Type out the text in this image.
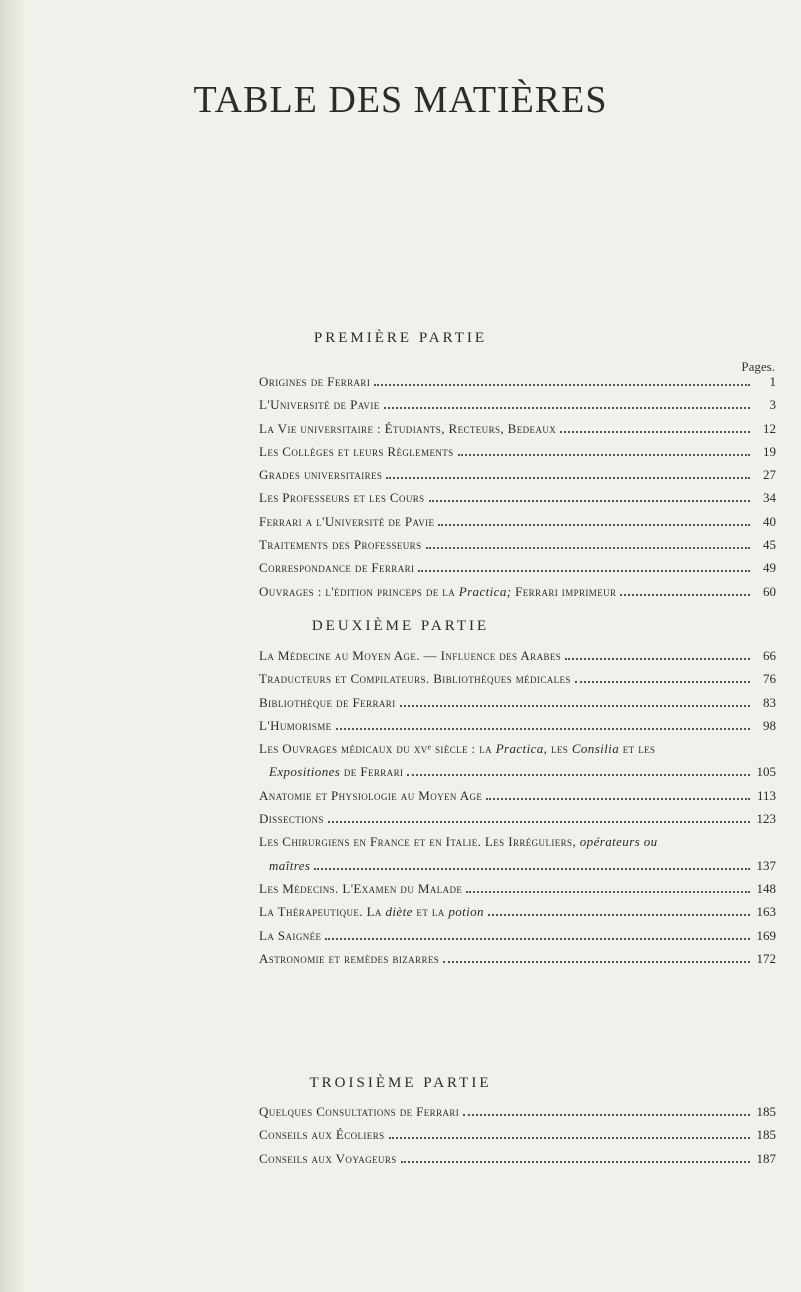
TABLE DES MATIÈRES
PREMIÈRE PARTIE
Pages.
Origines de Ferrari	1
L'Université de Pavie	3
La Vie universitaire : Étudiants, Recteurs, Bedeaux	12
Les Collèges et leurs Règlements	19
Grades universitaires	27
Les Professeurs et les Cours	34
Ferrari a l'Université de Pavie	40
Traitements des Professeurs	45
Correspondance de Ferrari	49
Ouvrages : l'édition princeps de la Practica; Ferrari imprimeur	60
DEUXIÈME PARTIE
La Médecine au Moyen Age. — Influence des Arabes	66
Traducteurs et Compilateurs. Bibliothèques médicales	76
Bibliothèque de Ferrari	83
L'Humorisme	98
Les Ouvrages médicaux du xvᵉ siècle : la Practica, les Consilia et les
Expositiones de Ferrari	105
Anatomie et Physiologie au Moyen Age	113
Dissections	123
Les Chirurgiens en France et en Italie. Les Irréguliers, opérateurs ou
maîtres	137
Les Médecins. L'Examen du Malade	148
La Thérapeutique. La diète et la potion	163
La Saignée	169
Astronomie et remèdes bizarres	172
TROISIÈME PARTIE
Quelques Consultations de Ferrari	185
Conseils aux Écoliers	185
Conseils aux Voyageurs	187
